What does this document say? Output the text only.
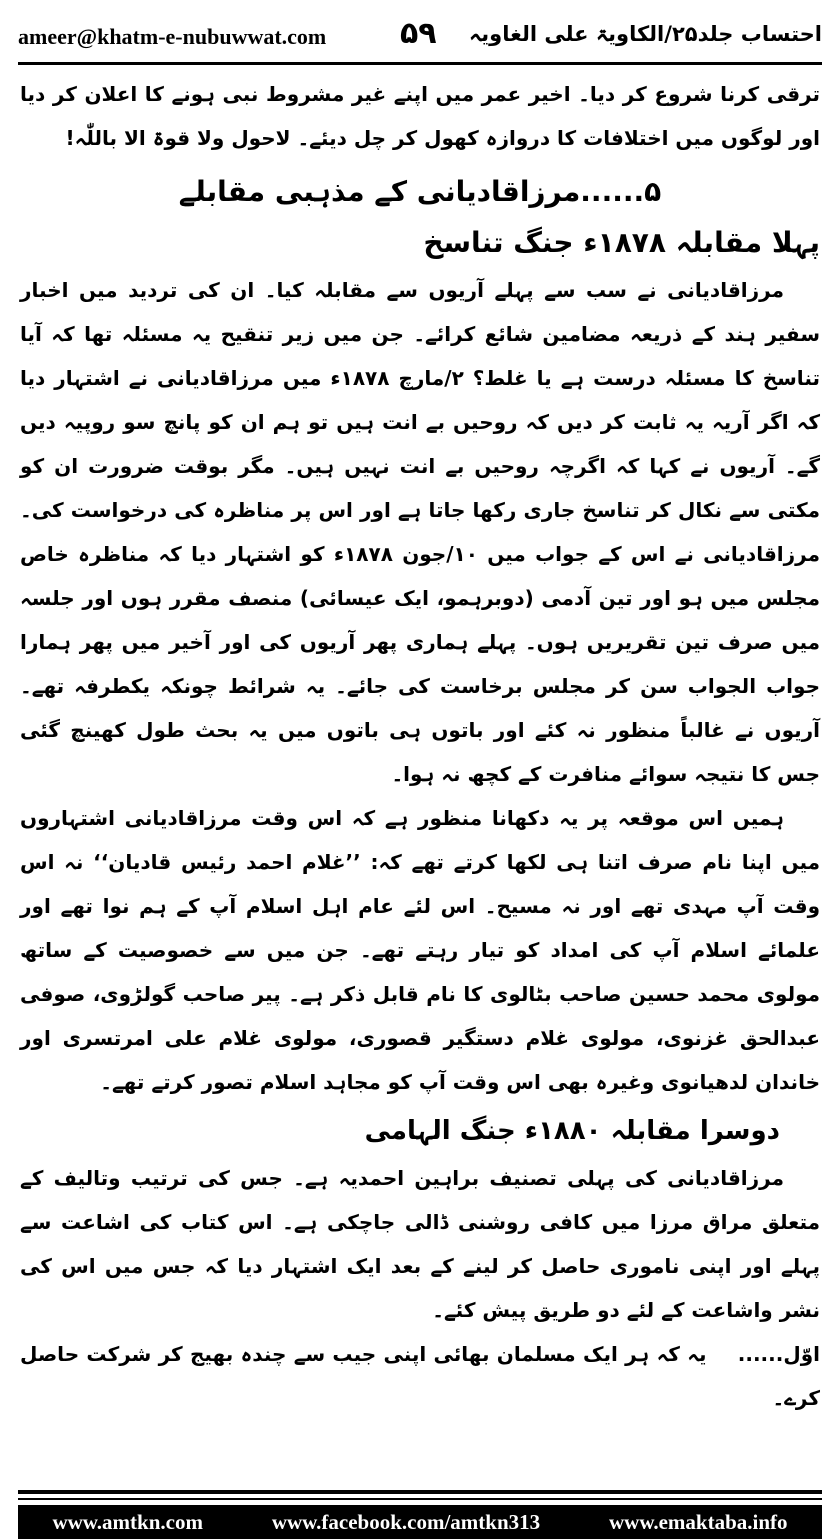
ameer@khatm-e-nubuwwat.com ۵۹ احتساب جلد۲۵/الکاویۃ علی الغاویہ

ترقی کرنا شروع کر دیا۔ اخیر عمر میں اپنے غیر مشروط نبی ہونے کا اعلان کر دیا اور لوگوں میں اختلافات کا دروازہ کھول کر چل دیئے۔ لاحول ولا قوۃ الا باللّٰہ!

۵......مرزاقادیانی کے مذہبی مقابلے

پہلا مقابلہ ۱۸۷۸ء جنگ تناسخ

مرزاقادیانی نے سب سے پہلے آریوں سے مقابلہ کیا۔ ان کی تردید میں اخبار سفیر ہند کے ذریعہ مضامین شائع کرائے۔ جن میں زیر تنقیح یہ مسئلہ تھا کہ آیا تناسخ کا مسئلہ درست ہے یا غلط؟ ۲/مارچ ۱۸۷۸ء میں مرزاقادیانی نے اشتہار دیا کہ اگر آریہ یہ ثابت کر دیں کہ روحیں بے انت ہیں تو ہم ان کو پانچ سو روپیہ دیں گے۔ آریوں نے کہا کہ اگرچہ روحیں بے انت نہیں ہیں۔ مگر بوقت ضرورت ان کو مکتی سے نکال کر تناسخ جاری رکھا جاتا ہے اور اس پر مناظرہ کی درخواست کی۔ مرزاقادیانی نے اس کے جواب میں ۱۰/جون ۱۸۷۸ء کو اشتہار دیا کہ مناظرہ خاص مجلس میں ہو اور تین آدمی (دوبرہمو، ایک عیسائی) منصف مقرر ہوں اور جلسہ میں صرف تین تقریریں ہوں۔ پہلے ہماری پھر آریوں کی اور آخیر میں پھر ہمارا جواب الجواب سن کر مجلس برخاست کی جائے۔ یہ شرائط چونکہ یکطرفہ تھے۔ آریوں نے غالباً منظور نہ کئے اور باتوں ہی باتوں میں یہ بحث طول کھینچ گئی جس کا نتیجہ سوائے منافرت کے کچھ نہ ہوا۔

ہمیں اس موقعہ پر یہ دکھانا منظور ہے کہ اس وقت مرزاقادیانی اشتہاروں میں اپنا نام صرف اتنا ہی لکھا کرتے تھے کہ: ’’غلام احمد رئیس قادیان‘‘ نہ اس وقت آپ مہدی تھے اور نہ مسیح۔ اس لئے عام اہل اسلام آپ کے ہم نوا تھے اور علمائے اسلام آپ کی امداد کو تیار رہتے تھے۔ جن میں سے خصوصیت کے ساتھ مولوی محمد حسین صاحب بٹالوی کا نام قابل ذکر ہے۔ پیر صاحب گولڑوی، صوفی عبدالحق غزنوی، مولوی غلام دستگیر قصوری، مولوی غلام علی امرتسری اور خاندان لدھیانوی وغیرہ بھی اس وقت آپ کو مجاہد اسلام تصور کرتے تھے۔

دوسرا مقابلہ ۱۸۸۰ء جنگ الہامی

مرزاقادیانی کی پہلی تصنیف براہین احمدیہ ہے۔ جس کی ترتیب وتالیف کے متعلق مراق مرزا میں کافی روشنی ڈالی جاچکی ہے۔ اس کتاب کی اشاعت سے پہلے اور اپنی ناموری حاصل کر لینے کے بعد ایک اشتہار دیا کہ جس میں اس کی نشر واشاعت کے لئے دو طریق پیش کئے۔

اوّل...... یہ کہ ہر ایک مسلمان بھائی اپنی جیب سے چندہ بھیج کر شرکت حاصل کرے۔

www.amtkn.com	www.facebook.com/amtkn313	www.emaktaba.info
